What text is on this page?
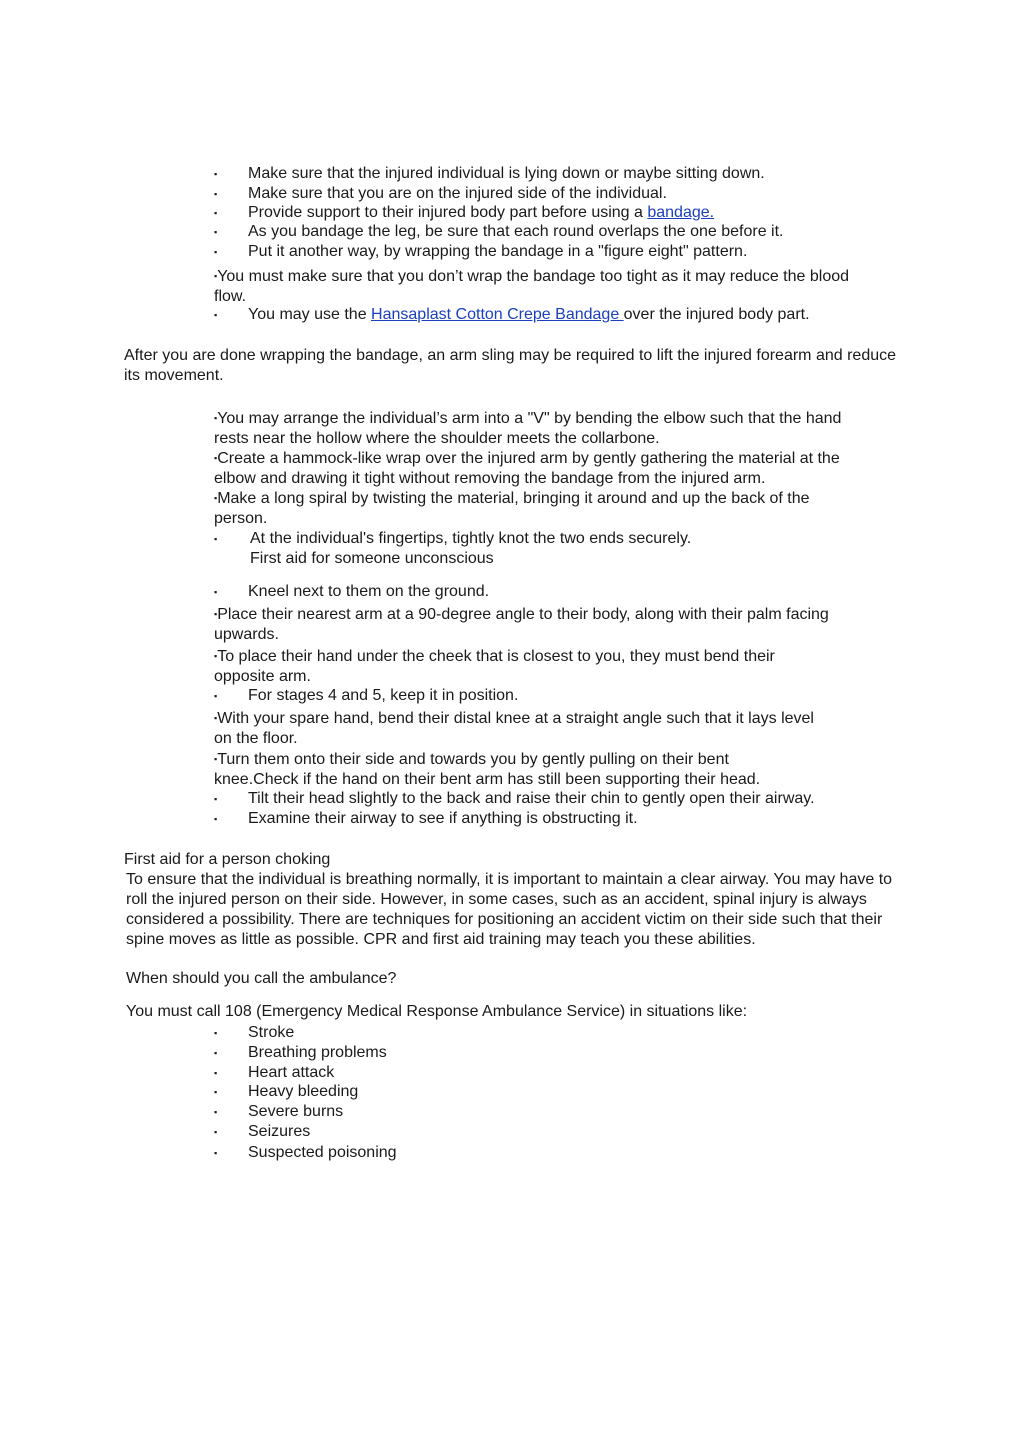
▪ Make sure that the injured individual is lying down or maybe sitting down.
▪ Make sure that you are on the injured side of the individual.
▪ Provide support to their injured body part before using a bandage.
▪ As you bandage the leg, be sure that each round overlaps the one before it.
▪ Put it another way, by wrapping the bandage in a "figure eight" pattern.
▪You must make sure that you don’t wrap the bandage too tight as it may reduce the blood flow.
▪ You may use the Hansaplast Cotton Crepe Bandage over the injured body part.
After you are done wrapping the bandage, an arm sling may be required to lift the injured forearm and reduce its movement.
▪You may arrange the individual’s arm into a "V" by bending the elbow such that the hand rests near the hollow where the shoulder meets the collarbone.
▪Create a hammock-like wrap over the injured arm by gently gathering the material at the elbow and drawing it tight without removing the bandage from the injured arm.
▪Make a long spiral by twisting the material, bringing it around and up the back of the person.
▪ At the individual's fingertips, tightly knot the two ends securely.
First aid for someone unconscious
▪ Kneel next to them on the ground.
▪Place their nearest arm at a 90-degree angle to their body, along with their palm facing upwards.
▪To place their hand under the cheek that is closest to you, they must bend their opposite arm.
▪ For stages 4 and 5, keep it in position.
▪With your spare hand, bend their distal knee at a straight angle such that it lays level on the floor.
▪Turn them onto their side and towards you by gently pulling on their bent knee.Check if the hand on their bent arm has still been supporting their head.
▪ Tilt their head slightly to the back and raise their chin to gently open their airway.
▪ Examine their airway to see if anything is obstructing it.
First aid for a person choking
To ensure that the individual is breathing normally, it is important to maintain a clear airway. You may have to roll the injured person on their side. However, in some cases, such as an accident, spinal injury is always considered a possibility. There are techniques for positioning an accident victim on their side such that their spine moves as little as possible. CPR and first aid training may teach you these abilities.
When should you call the ambulance?
You must call 108 (Emergency Medical Response Ambulance Service) in situations like:
▪ Stroke
▪ Breathing problems
▪ Heart attack
▪ Heavy bleeding
▪ Severe burns
▪ Seizures
▪ Suspected poisoning
